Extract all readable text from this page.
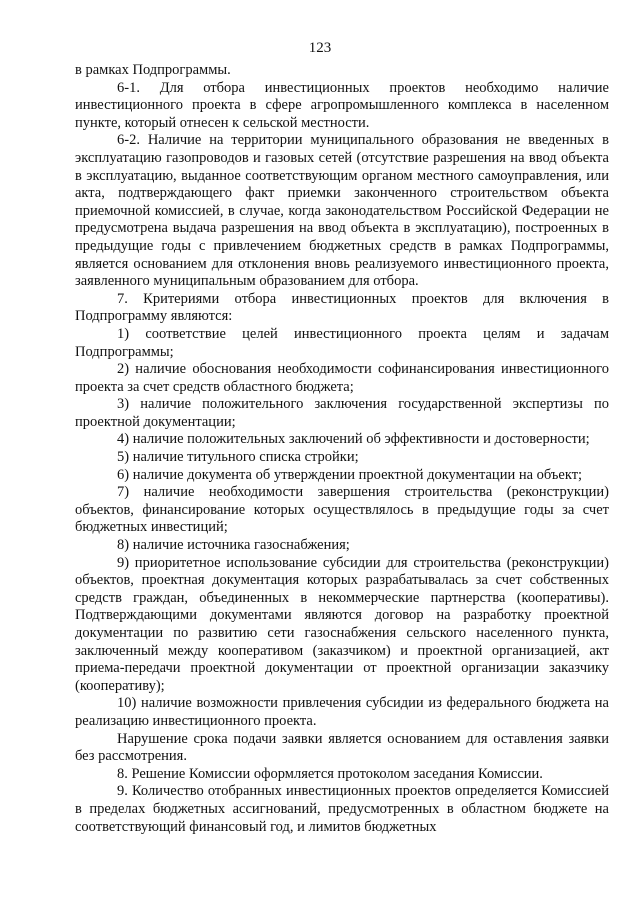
123

в рамках Подпрограммы.

6-1. Для отбора инвестиционных проектов необходимо наличие инвестиционного проекта в сфере агропромышленного комплекса в населенном пункте, который отнесен к сельской местности.

6-2. Наличие на территории муниципального образования не введенных в эксплуатацию газопроводов и газовых сетей (отсутствие разрешения на ввод объекта в эксплуатацию, выданное соответствующим органом местного самоуправления, или акта, подтверждающего факт приемки законченного строительством объекта приемочной комиссией, в случае, когда законодательством Российской Федерации не предусмотрена выдача разрешения на ввод объекта в эксплуатацию), построенных в предыдущие годы с привлечением бюджетных средств в рамках Подпрограммы, является основанием для отклонения вновь реализуемого инвестиционного проекта, заявленного муниципальным образованием для отбора.

7. Критериями отбора инвестиционных проектов для включения в Подпрограмму являются:

1) соответствие целей инвестиционного проекта целям и задачам Подпрограммы;

2) наличие обоснования необходимости софинансирования инвестиционного проекта за счет средств областного бюджета;

3) наличие положительного заключения государственной экспертизы по проектной документации;

4) наличие положительных заключений об эффективности и достоверности;

5) наличие титульного списка стройки;

6) наличие документа об утверждении проектной документации на объект;

7) наличие необходимости завершения строительства (реконструкции) объектов, финансирование которых осуществлялось в предыдущие годы за счет бюджетных инвестиций;

8) наличие источника газоснабжения;

9) приоритетное использование субсидии для строительства (реконструкции) объектов, проектная документация которых разрабатывалась за счет собственных средств граждан, объединенных в некоммерческие партнерства (кооперативы). Подтверждающими документами являются договор на разработку проектной документации по развитию сети газоснабжения сельского населенного пункта, заключенный между кооперативом (заказчиком) и проектной организацией, акт приема-передачи проектной документации от проектной организации заказчику (кооперативу);

10) наличие возможности привлечения субсидии из федерального бюджета на реализацию инвестиционного проекта.

Нарушение срока подачи заявки является основанием для оставления заявки без рассмотрения.

8. Решение Комиссии оформляется протоколом заседания Комиссии.

9. Количество отобранных инвестиционных проектов определяется Комиссией в пределах бюджетных ассигнований, предусмотренных в областном бюджете на соответствующий финансовый год, и лимитов бюджетных
